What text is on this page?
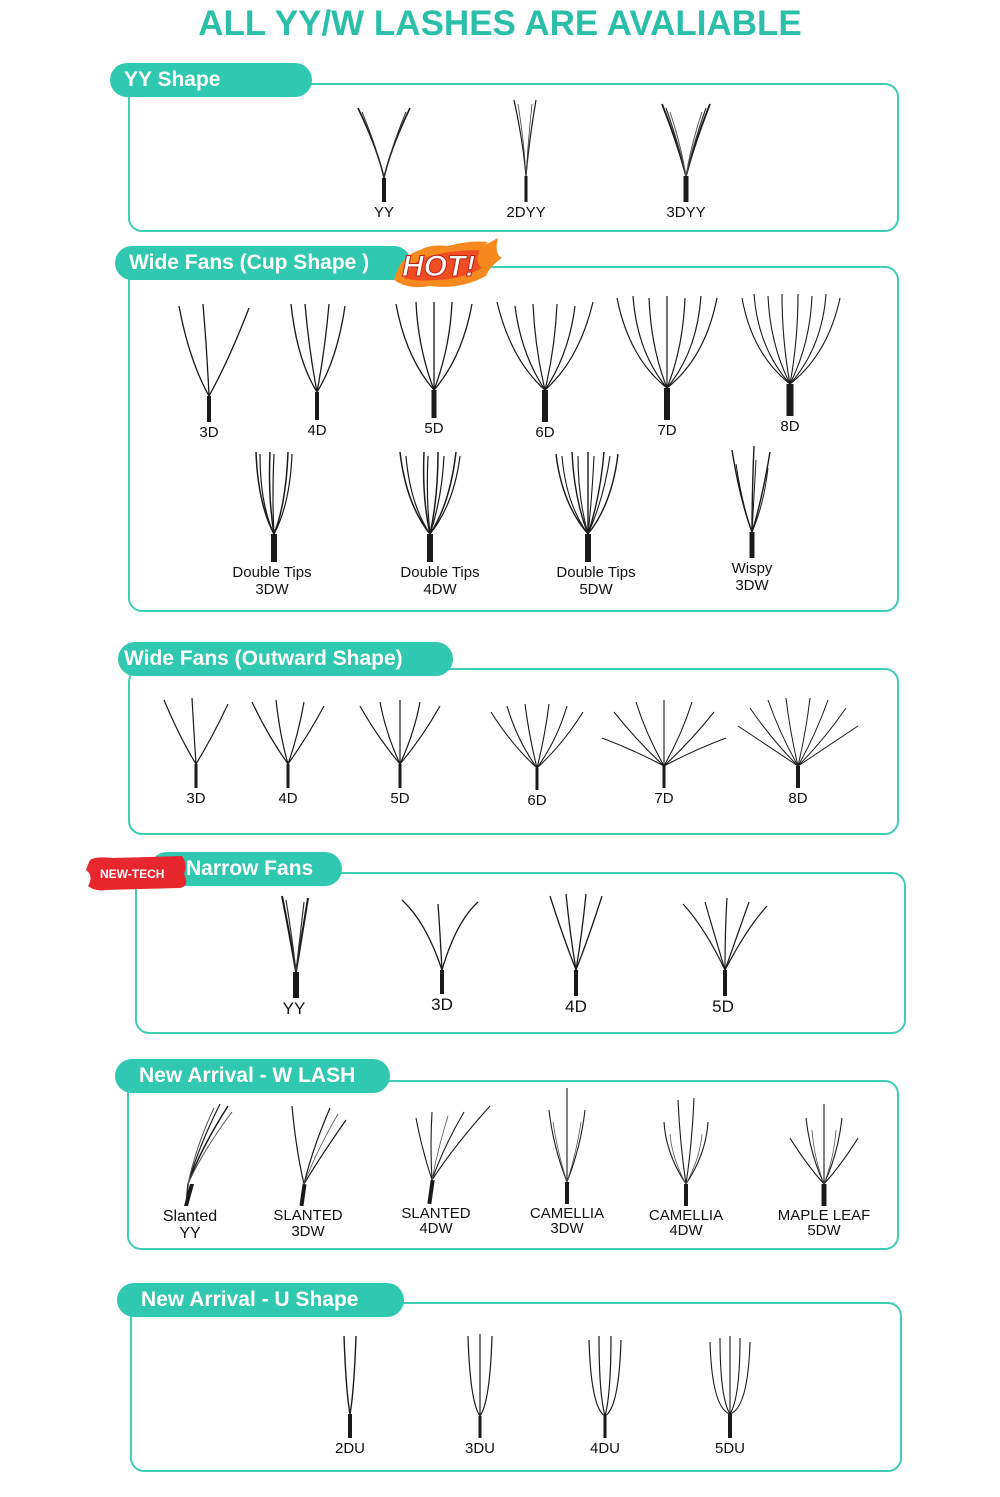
ALL YY/W LASHES ARE AVALIABLE
YY Shape
YY	2DYY	3DYY
Wide Fans (Cup Shape )	HOT!
3D	4D	5D	6D	7D	8D
Double Tips
3DW
Double Tips
4DW
Double Tips
5DW
Wispy
3DW
Wide Fans (Outward Shape)
3D	4D	5D	6D	7D	8D
Narrow Fans
NEW-TECH
YY	3D	4D	5D
New Arrival - W LASH
Slanted
YY
SLANTED
3DW
SLANTED
4DW
CAMELLIA
3DW
CAMELLIA
4DW
MAPLE LEAF
5DW
New Arrival - U Shape
2DU	3DU	4DU	5DU
